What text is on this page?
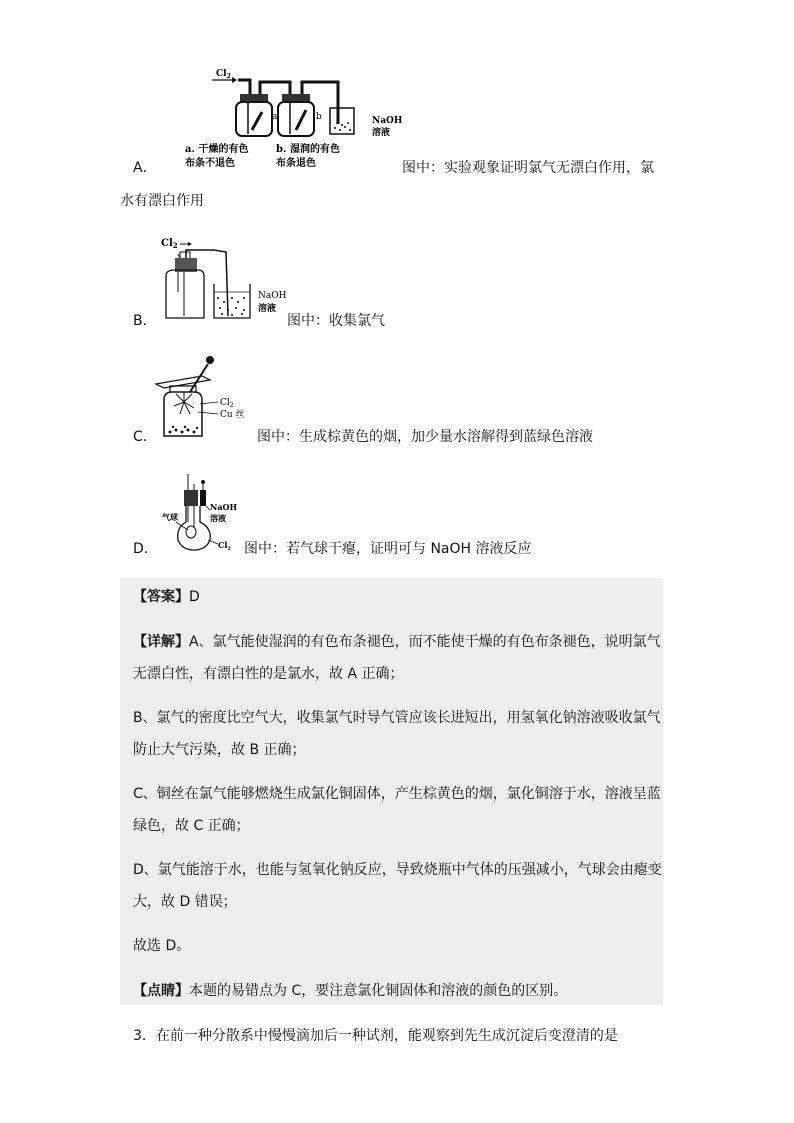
$Cl_2$
a	b	NaOH
溶液
a. 干燥的有色
布条不退色
b. 湿润的有色
布条退色
A．	图中：实验观象证明氯气无漂白作用，氯
水有漂白作用
$Cl_2$
NaOH
溶液
B．	图中：收集氯气
$Cl_2$
Cu 丝
C．	图中：生成棕黄色的烟，加少量水溶解得到蓝绿色溶液
气球
NaOH
溶液
$Cl_2$
D．	图中：若气球干瘪，证明可与 NaOH 溶液反应
【答案】D
【详解】A、氯气能使湿润的有色布条褪色，而不能使干燥的有色布条褪色，说明氯气
无漂白性，有漂白性的是氯水，故 A 正确；
B、氯气的密度比空气大，收集氯气时导气管应该长进短出，用氢氧化钠溶液吸收氯气
防止大气污染，故 B 正确；
C、铜丝在氯气能够燃烧生成氯化铜固体，产生棕黄色的烟，氯化铜溶于水，溶液呈蓝
绿色，故 C 正确；
D、氯气能溶于水，也能与氢氧化钠反应，导致烧瓶中气体的压强减小，气球会由瘪变
大，故 D 错误；
故选 D。
【点睛】本题的易错点为 C，要注意氯化铜固体和溶液的颜色的区别。
3．在前一种分散系中慢慢滴加后一种试剂，能观察到先生成沉淀后变澄清的是
